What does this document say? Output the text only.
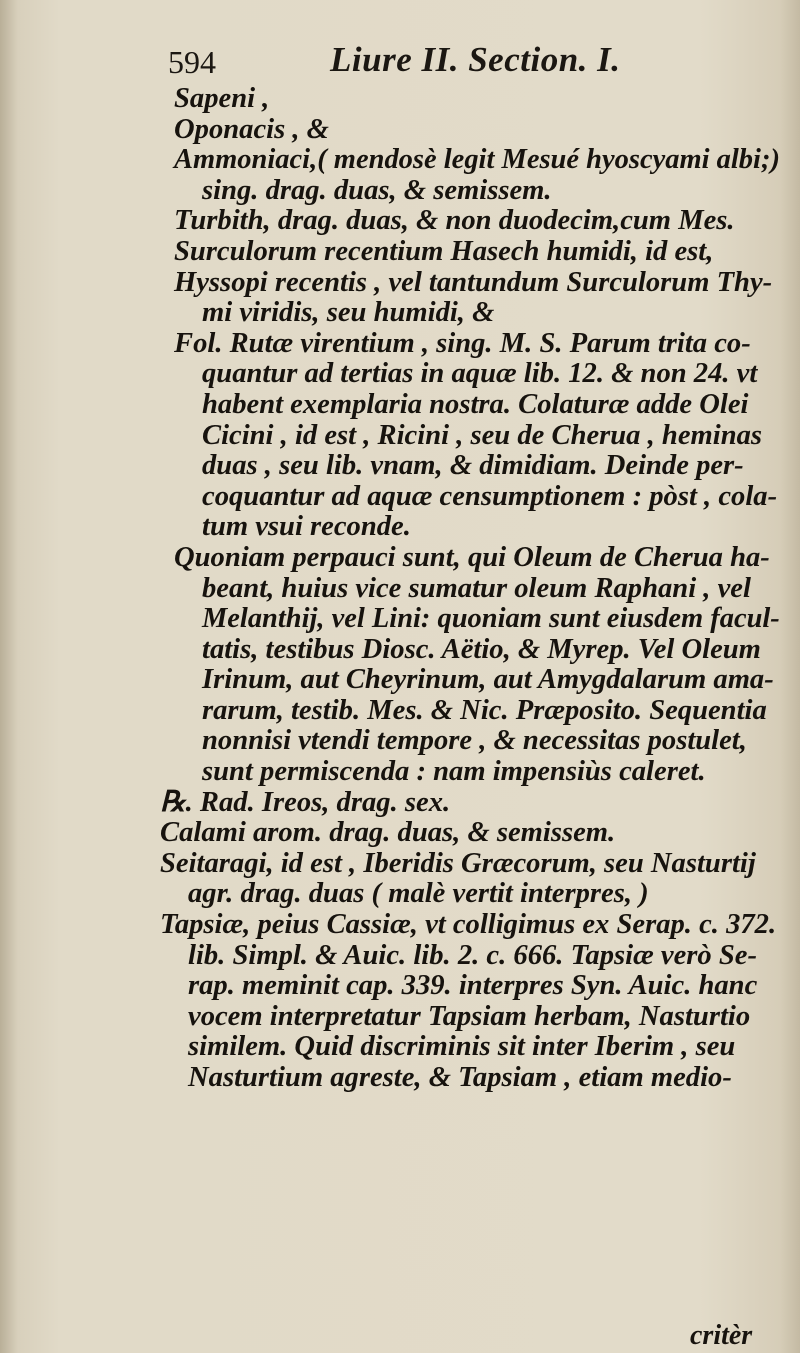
594	Liure II. Section. I.
Sapeni ,
Oponacis , &
Ammoniaci,( mendosè legit Mesué hyoscyami albi;)
sing. drag. duas, & semissem.
Turbith, drag. duas, & non duodecim,cum Mes.
Surculorum recentium Hasech humidi, id est,
Hyssopi recentis , vel tantundum Surculorum Thy-
mi viridis, seu humidi, &
Fol. Rutæ virentium , sing. M. S. Parum trita co-
quantur ad tertias in aquæ lib. 12. & non 24. vt
habent exemplaria nostra. Colaturæ adde Olei
Cicini , id est , Ricini , seu de Cherua , heminas
duas , seu lib. vnam, & dimidiam. Deinde per-
coquantur ad aquæ censumptionem : pòst , cola-
tum vsui reconde.
Quoniam perpauci sunt, qui Oleum de Cherua ha-
beant, huius vice sumatur oleum Raphani , vel
Melanthij, vel Lini: quoniam sunt eiusdem facul-
tatis, testibus Diosc. Aëtio, & Myrep. Vel Oleum
Irinum, aut Cheyrinum, aut Amygdalarum ama-
rarum, testib. Mes. & Nic. Præposito. Sequentia
nonnisi vtendi tempore , & necessitas postulet,
sunt permiscenda : nam impensiùs caleret.
℞. Rad. Ireos, drag. sex.
Calami arom. drag. duas, & semissem.
Seitaragi, id est , Iberidis Græcorum, seu Nasturtij
agr. drag. duas ( malè vertit interpres, )
Tapsiæ, peius Cassiæ, vt colligimus ex Serap. c. 372.
lib. Simpl. & Auic. lib. 2. c. 666. Tapsiæ verò Se-
rap. meminit cap. 339. interpres Syn. Auic. hanc
vocem interpretatur Tapsiam herbam, Nasturtio
similem. Quid discriminis sit inter Iberim , seu
Nasturtium agreste, & Tapsiam , etiam medio-
critèr
